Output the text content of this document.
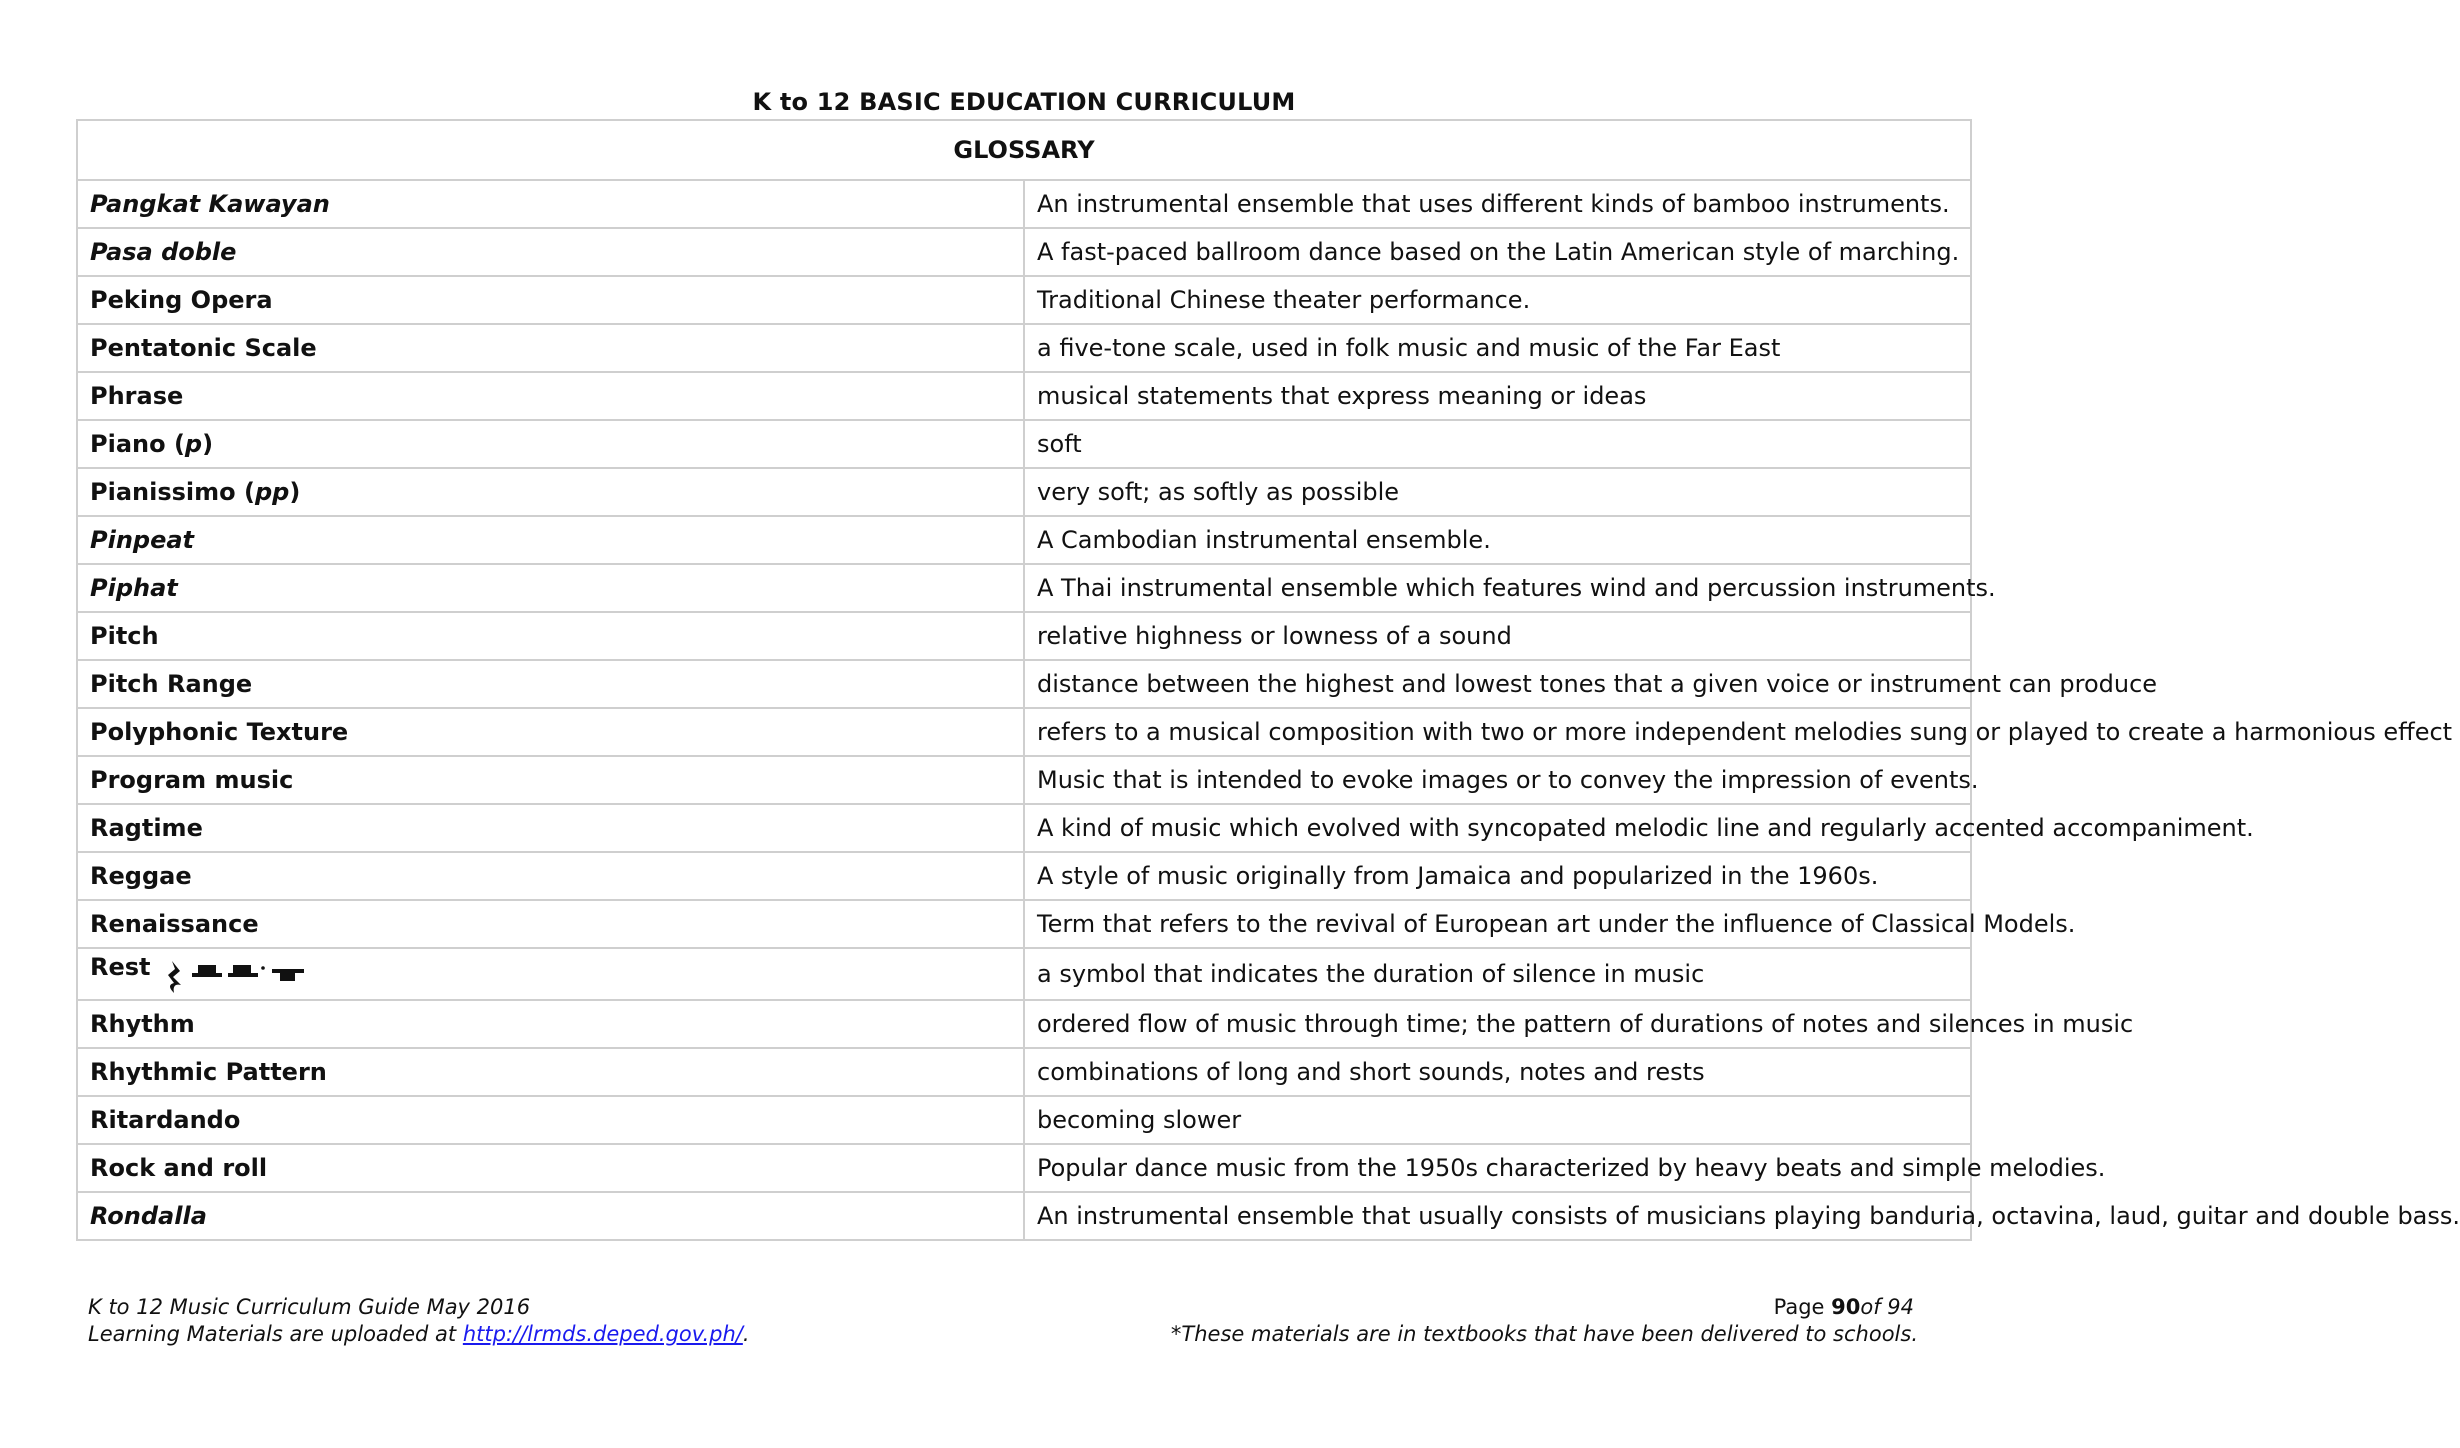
K to 12 BASIC EDUCATION CURRICULUM
GLOSSARY	
Pangkat Kawayan	An instrumental ensemble that uses different kinds of bamboo instruments.
Pasa doble	A fast-paced ballroom dance based on the Latin American style of marching.
Peking Opera	Traditional Chinese theater performance.
Pentatonic Scale	a five-tone scale, used in folk music and music of the Far East
Phrase	musical statements that express meaning or ideas
Piano (p)	soft
Pianissimo (pp)	very soft; as softly as possible
Pinpeat	A Cambodian instrumental ensemble.
Piphat	A Thai instrumental ensemble which features wind and percussion instruments.
Pitch	relative highness or lowness of a sound
Pitch Range	distance between the highest and lowest tones that a given voice or instrument can produce
Polyphonic Texture	refers to a musical composition with two or more independent melodies sung or played to create a harmonious effect
Program music	Music that is intended to evoke images or to convey the impression of events.
Ragtime	A kind of music which evolved with syncopated melodic line and regularly accented accompaniment.
Reggae	A style of music originally from Jamaica and popularized in the 1960s.
Renaissance	Term that refers to the revival of European art under the influence of Classical Models.
Rest	a symbol that indicates the duration of silence in music
Rhythm	ordered flow of music through time; the pattern of durations of notes and silences in music
Rhythmic Pattern	combinations of long and short sounds, notes and rests
Ritardando	becoming slower
Rock and roll	Popular dance music from the 1950s characterized by heavy beats and simple melodies.
Rondalla	An instrumental ensemble that usually consists of musicians playing banduria, octavina, laud, guitar and double bass.
K to 12 Music Curriculum Guide May 2016
Learning Materials are uploaded at http://lrmds.deped.gov.ph/.
Page 90of 94
*These materials are in textbooks that have been delivered to schools.
